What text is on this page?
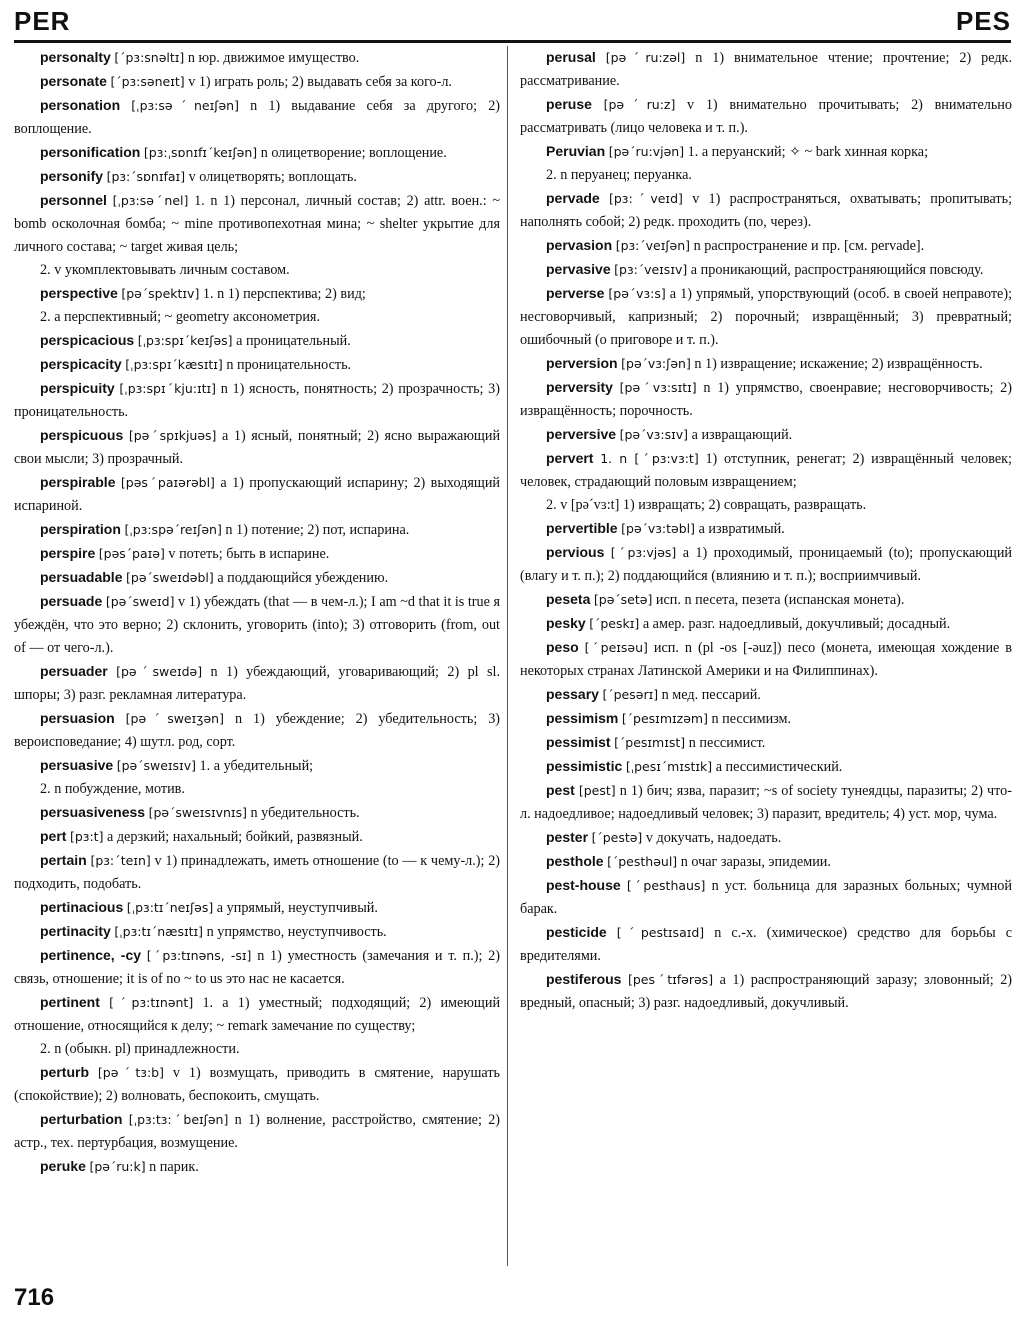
PER	PES

personalty [ˊpɜ:snəltɪ] n юр. движимое имущество.

personate [ˊpɜ:səneɪt] v 1) играть роль; 2) выдавать себя за кого-л.

personation [ˌpɜ:səˊneɪʃən] n 1) выдавание себя за другого; 2) воплощение.

personification [pɜ:ˌsɒnɪfɪˊkeɪʃən] n олицетворение; воплощение.

personify [pɜ:ˊsɒnɪfaɪ] v олицетворять; воплощать.

personnel [ˌpɜ:səˊnel] 1. n 1) персонал, личный состав; 2) attr. воен.: ~ bomb осколочная бомба; ~ mine противопехотная мина; ~ shelter укрытие для личного состава; ~ target живая цель;

2. v укомплектовывать личным составом.

perspective [pəˊspektɪv] 1. n 1) перспектива; 2) вид;

2. a перспективный; ~ geometry аксонометрия.

perspicacious [ˌpɜ:spɪˊkeɪʃəs] a проницательный.

perspicacity [ˌpɜ:spɪˊkæsɪtɪ] n проницательность.

perspicuity [ˌpɜ:spɪˊkju:ɪtɪ] n 1) ясность, понятность; 2) прозрачность; 3) проницательность.

perspicuous [pəˊspɪkjuəs] a 1) ясный, понятный; 2) ясно выражающий свои мысли; 3) прозрачный.

perspirable [pəsˊpaɪərəbl] a 1) пропускающий испарину; 2) выходящий испариной.

perspiration [ˌpɜ:spəˊreɪʃən] n 1) потение; 2) пот, испарина.

perspire [pəsˊpaɪə] v потеть; быть в испарине.

persuadable [pəˊsweɪdəbl] a поддающийся убеждению.

persuade [pəˊsweɪd] v 1) убеждать (that — в чем-л.); I am ~d that it is true я убеждён, что это верно; 2) склонить, уговорить (into); 3) отговорить (from, out of — от чего-л.).

persuader [pəˊsweɪdə] n 1) убеждающий, уговаривающий; 2) pl sl. шпоры; 3) разг. рекламная литература.

persuasion [pəˊsweɪʒən] n 1) убеждение; 2) убедительность; 3) вероисповедание; 4) шутл. род, сорт.

persuasive [pəˊsweɪsɪv] 1. a убедительный;

2. n побуждение, мотив.

persuasiveness [pəˊsweɪsɪvnɪs] n убедительность.

pert [pɜ:t] a дерзкий; нахальный; бойкий, развязный.

pertain [pɜ:ˊteɪn] v 1) принадлежать, иметь отношение (to — к чему-л.); 2) подходить, подобать.

pertinacious [ˌpɜ:tɪˊneɪʃəs] a упрямый, неуступчивый.

pertinacity [ˌpɜ:tɪˊnæsɪtɪ] n упрямство, неуступчивость.

pertinence, -cy [ˊpɜ:tɪnəns, -sɪ] n 1) уместность (замечания и т. п.); 2) связь, отношение; it is of no ~ to us это нас не касается.

pertinent [ˊpɜ:tɪnənt] 1. a 1) уместный; подходящий; 2) имеющий отношение, относящийся к делу; ~ remark замечание по существу;

2. n (обыкн. pl) принадлежности.

perturb [pəˊtɜ:b] v 1) возмущать, приводить в смятение, нарушать (спокойствие); 2) волновать, беспокоить, смущать.

perturbation [ˌpɜ:tɜ:ˊbeɪʃən] n 1) волнение, расстройство, смятение; 2) астр., тех. пертурбация, возмущение.

peruke [pəˊru:k] n парик.

perusal [pəˊru:zəl] n 1) внимательное чтение; прочтение; 2) редк. рассматривание.

peruse [pəˊru:z] v 1) внимательно прочитывать; 2) внимательно рассматривать (лицо человека и т. п.).

Peruvian [pəˊru:vjən] 1. a перуанский; ✧ ~ bark хинная корка;

2. n перуанец; перуанка.

pervade [pɜ:ˊveɪd] v 1) распространяться, охватывать; пропитывать; наполнять собой; 2) редк. проходить (по, через).

pervasion [pɜ:ˊveɪʃən] n распространение и пр. [см. pervade].

pervasive [pɜ:ˊveɪsɪv] a проникающий, распространяющийся повсюду.

perverse [pəˊvɜ:s] a 1) упрямый, упорствующий (особ. в своей неправоте); несговорчивый, капризный; 2) порочный; извращённый; 3) превратный; ошибочный (о приговоре и т. п.).

perversion [pəˊvɜ:ʃən] n 1) извращение; искажение; 2) извращённость.

perversity [pəˊvɜ:sɪtɪ] n 1) упрямство, своенравие; несговорчивость; 2) извращённость; порочность.

perversive [pəˊvɜ:sɪv] a извращающий.

pervert 1. n [ˊpɜ:vɜ:t] 1) отступник, ренегат; 2) извращённый человек; человек, страдающий половым извращением;

2. v [pəˊvɜ:t] 1) извращать; 2) совращать, развращать.

pervertible [pəˊvɜ:təbl] a извратимый.

pervious [ˊpɜ:vjəs] a 1) проходимый, проницаемый (to); пропускающий (влагу и т. п.); 2) поддающийся (влиянию и т. п.); восприимчивый.

peseta [pəˊsetə] исп. n песета, пезета (испанская монета).

pesky [ˊpeskɪ] a амер. разг. надоедливый, докучливый; досадный.

peso [ˊpeɪsəu] исп. n (pl -os [-əuz]) песо (монета, имеющая хождение в некоторых странах Латинской Америки и на Филиппинах).

pessary [ˊpesərɪ] n мед. пессарий.

pessimism [ˊpesɪmɪzəm] n пессимизм.

pessimist [ˊpesɪmɪst] n пессимист.

pessimistic [ˌpesɪˊmɪstɪk] a пессимистический.

pest [pest] n 1) бич; язва, паразит; ~s of society тунеядцы, паразиты; 2) что-л. надоедливое; надоедливый человек; 3) паразит, вредитель; 4) уст. мор, чума.

pester [ˊpestə] v докучать, надоедать.

pesthole [ˊpesthəul] n очаг заразы, эпидемии.

pest-house [ˊpesthaus] n уст. больница для заразных больных; чумной барак.

pesticide [ˊpestɪsaɪd] n с.-х. (химическое) средство для борьбы с вредителями.

pestiferous [pesˊtɪfərəs] a 1) распространяющий заразу; зловонный; 2) вредный, опасный; 3) разг. надоедливый, докучливый.

716
